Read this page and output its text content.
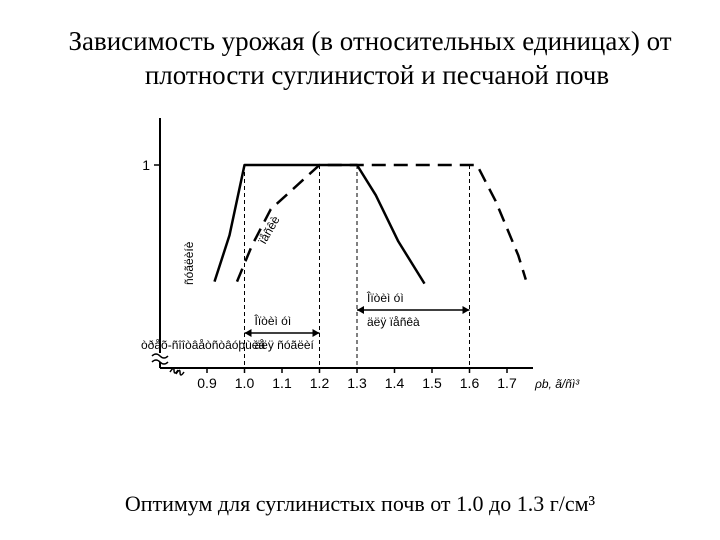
Зависимость урожая (в относительных единицах) от
плотности суглинистой и песчаной почв
1
0.9 1.0 1.1 1.2 1.3 1.4 1.5 1.6 1.7 ρb, ã/ñì³
Îïòèì óì
äëÿ ñóãëèí
Îïòèì óì
äëÿ ïåñêà
ñóãëèíè
ïåñêè
òðåõ-ñîîòâåòñòâóþùèå
Оптимум для суглинистых почв от 1.0 до 1.3 г/см³
